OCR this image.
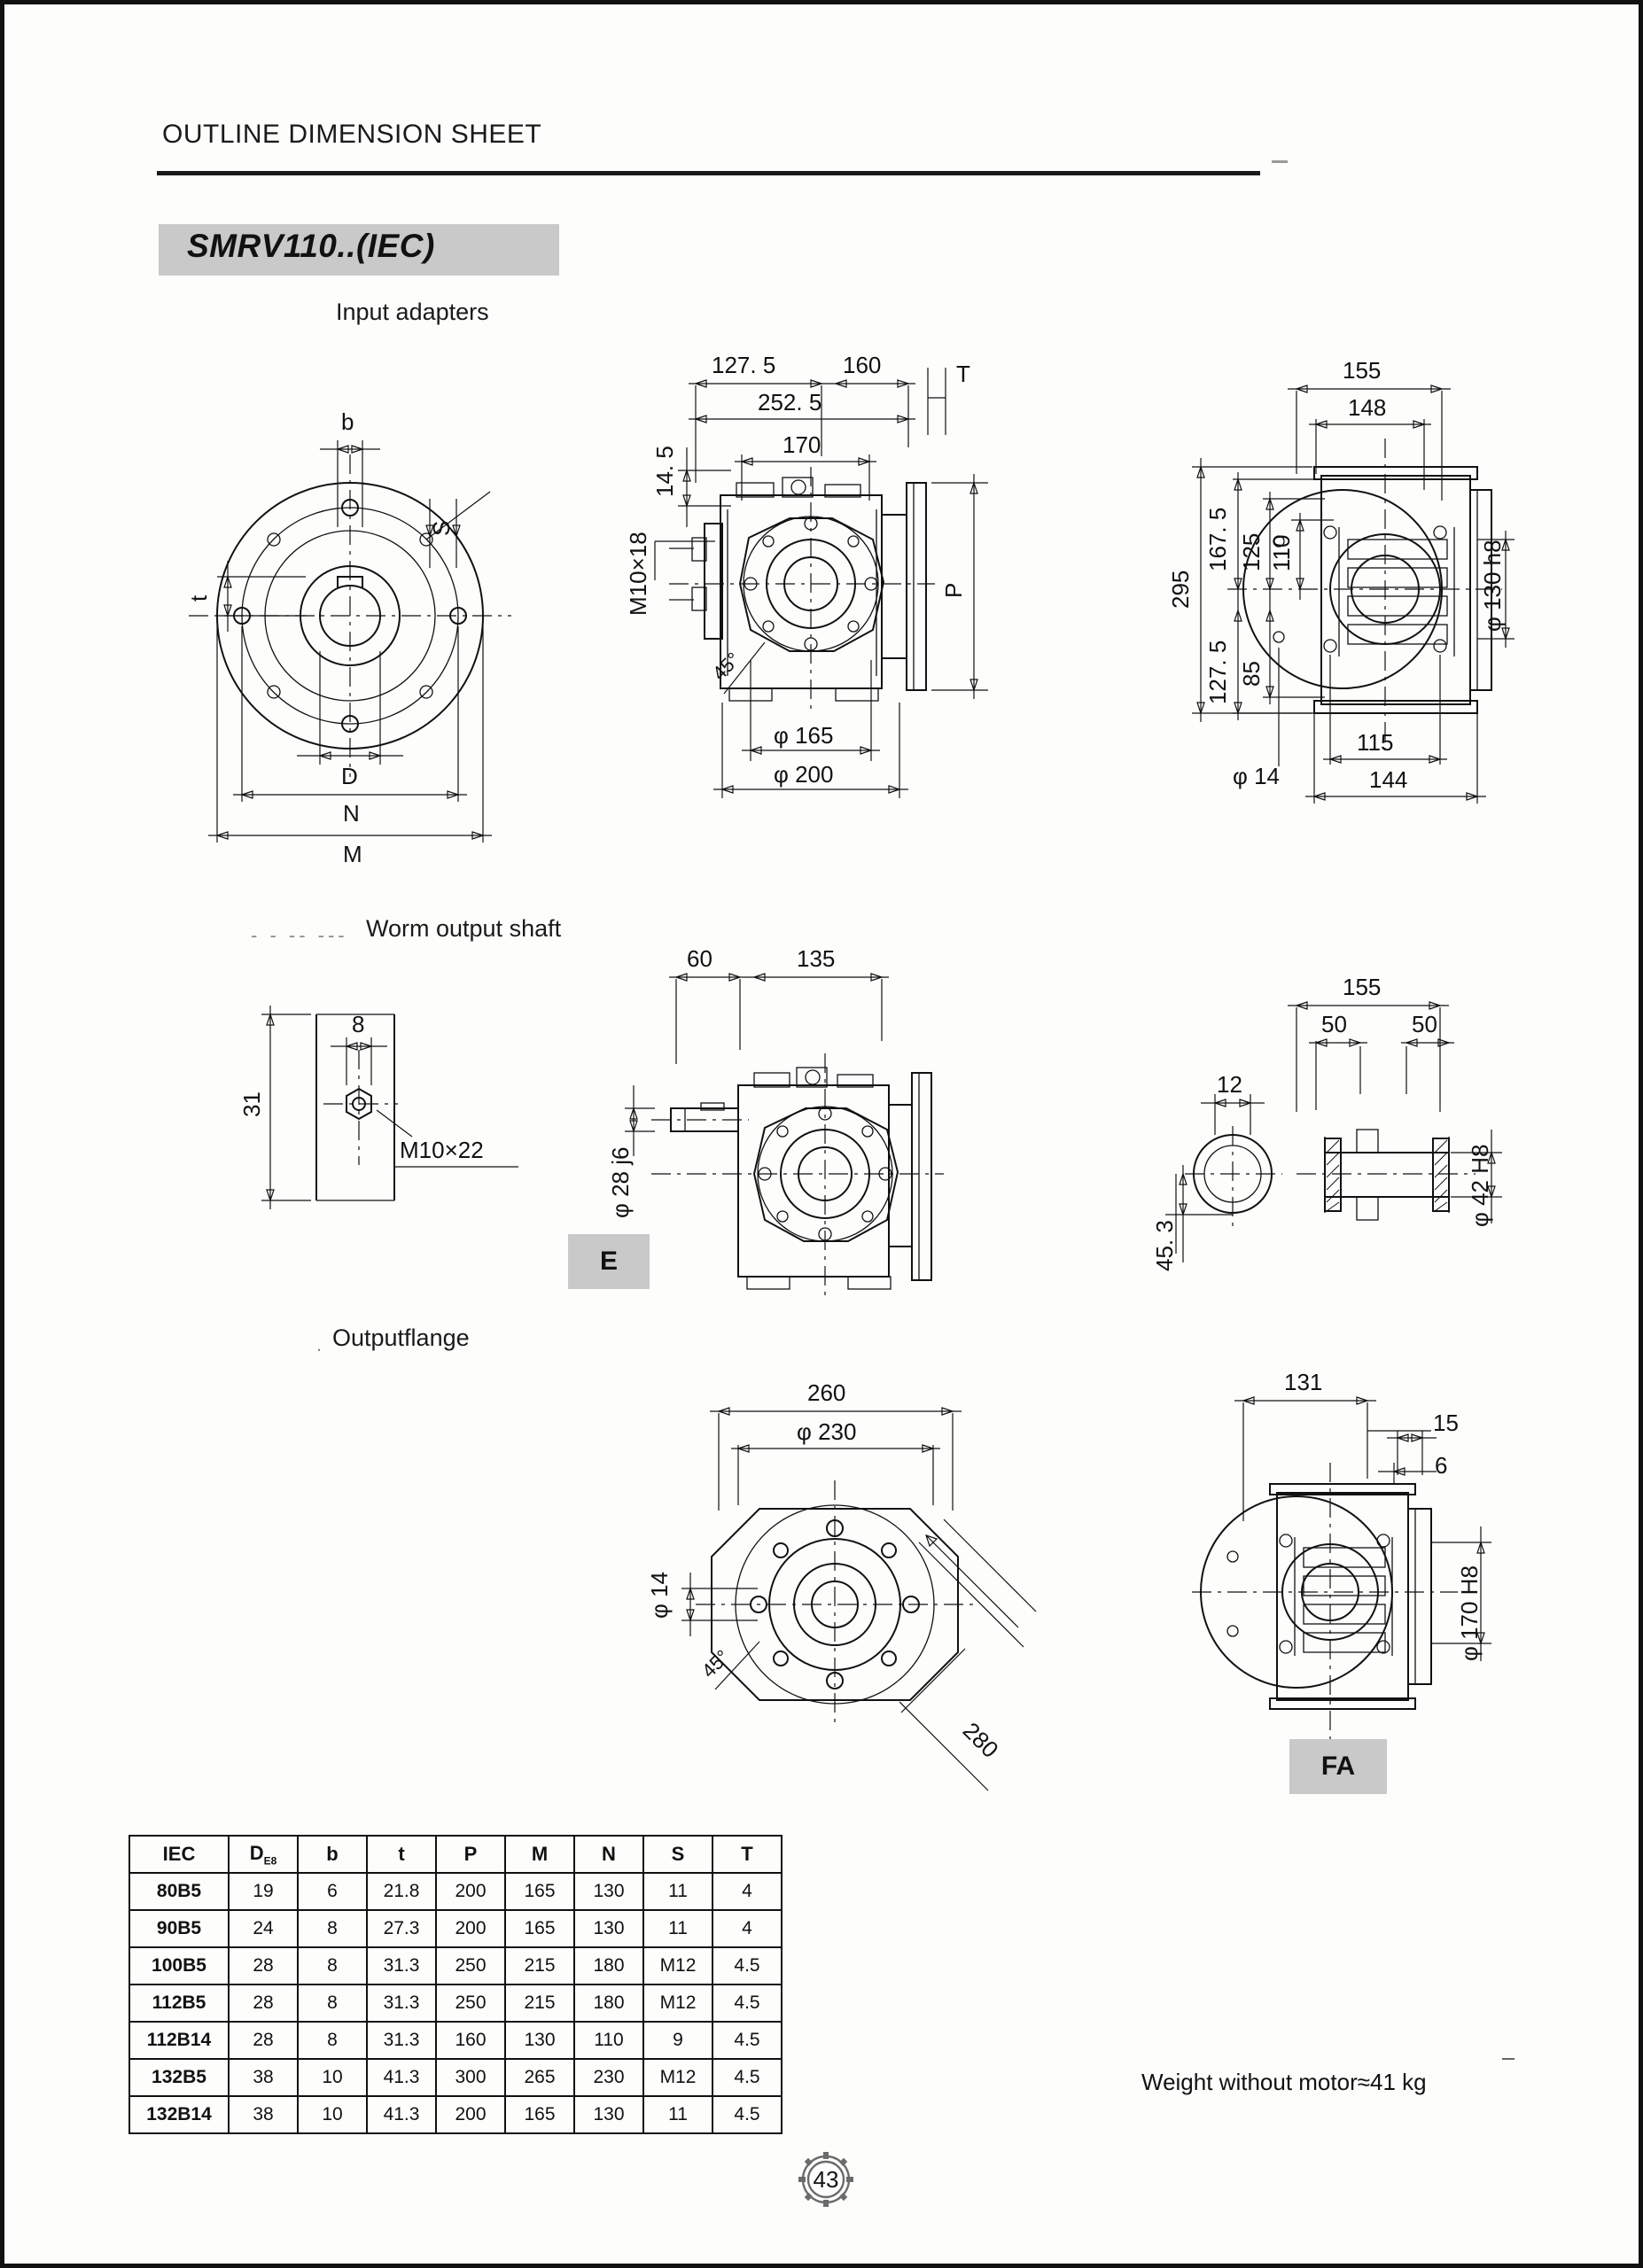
OUTLINE DIMENSION SHEET
SMRV110..(IEC)
Input adapters
- - -- --- Worm output shaft
. Outputflange
b
S
t
D
N
M
127. 5	160
252. 5
170
T
14. 5
M10×18	P
45°
φ 165
φ 200
155
148
295
167. 5 125 110
127. 5 85
φ 130 h8
φ 14
115
144
31
8
M10×22
60	135
φ 28 j6
155
50	50
12
45. 3
φ 42 H8
260
φ 230
φ 14
45°
280
131
15
6
φ 170 H8
E
FA
Weight without motor≈41 kg
IEC	$D_{E8}$	b	t	P	M	N	S	T
80B5	19	6	21.8	200	165	130	11	4
90B5	24	8	27.3	200	165	130	11	4
100B5	28	8	31.3	250	215	180	M12	4.5
112B5	28	8	31.3	250	215	180	M12	4.5
112B14	28	8	31.3	160	130	110	9	4.5
132B5	38	10	41.3	300	265	230	M12	4.5
132B14	38	10	41.3	200	165	130	11	4.5
43
